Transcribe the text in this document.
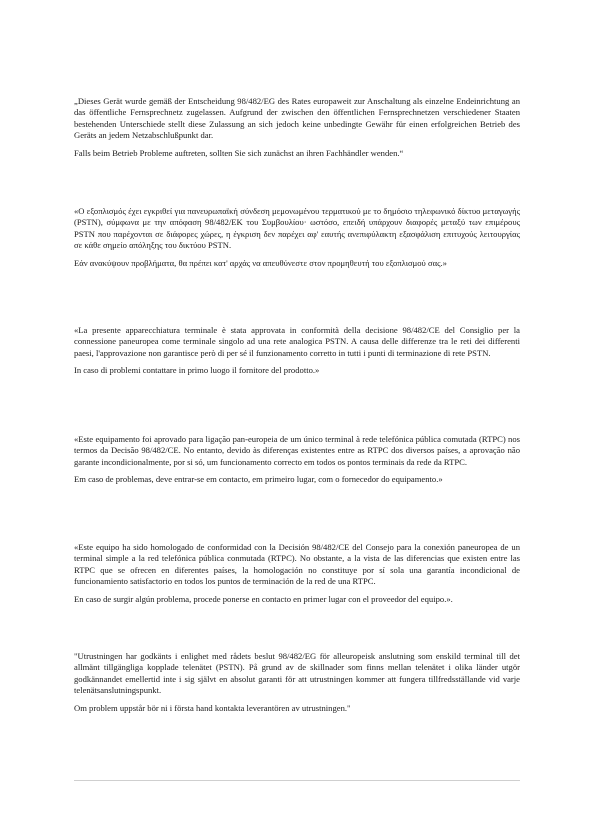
„Dieses Gerät wurde gemäß der Entscheidung 98/482/EG des Rates europaweit zur Anschaltung als einzelne Endeinrichtung an das öffentliche Fernsprechnetz zugelassen. Aufgrund der zwischen den öffentlichen Fernsprechnetzen verschiedener Staaten bestehenden Unterschiede stellt diese Zulassung an sich jedoch keine unbedingte Gewähr für einen erfolgreichen Betrieb des Geräts an jedem Netzabschlußpunkt dar.

Falls beim Betrieb Probleme auftreten, sollten Sie sich zunächst an ihren Fachhändler wenden.“

«Ο εξοπλισμός έχει εγκριθεί για πανευρωπαϊκή σύνδεση μεμονωμένου τερματικού με το δημόσιο τηλεφωνικό δίκτυο μεταγωγής (PSTN), σύμφωνα με την απόφαση 98/482/ΕΚ του Συμβουλίου· ωστόσο, επειδή υπάρχουν διαφορές μεταξύ των επιμέρους PSTN που παρέχονται σε διάφορες χώρες, η έγκριση δεν παρέχει αφ' εαυτής ανεπιφύλακτη εξασφάλιση επιτυχούς λειτουργίας σε κάθε σημείο απόληξης του δικτύου PSTN.

Εάν ανακύψουν προβλήματα, θα πρέπει κατ' αρχάς να απευθύνεστε στον προμηθευτή του εξοπλισμού σας.»

«La presente apparecchiatura terminale è stata approvata in conformità della decisione 98/482/CE del Consiglio per la connessione paneuropea come terminale singolo ad una rete analogica PSTN. A causa delle differenze tra le reti dei differenti paesi, l'approvazione non garantisce però di per sé il funzionamento corretto in tutti i punti di terminazione di rete PSTN.

In caso di problemi contattare in primo luogo il fornitore del prodotto.»

«Este equipamento foi aprovado para ligação pan-europeia de um único terminal à rede telefónica pública comutada (RTPC) nos termos da Decisão 98/482/CE. No entanto, devido às diferenças existentes entre as RTPC dos diversos países, a aprovação não garante incondicionalmente, por si só, um funcionamento correcto em todos os pontos terminais da rede da RTPC.

Em caso de problemas, deve entrar-se em contacto, em primeiro lugar, com o fornecedor do equipamento.»

«Este equipo ha sido homologado de conformidad con la Decisión 98/482/CE del Consejo para la conexión paneuropea de un terminal simple a la red telefónica pública conmutada (RTPC). No obstante, a la vista de las diferencias que existen entre las RTPC que se ofrecen en diferentes países, la homologación no constituye por sí sola una garantía incondicional de funcionamiento satisfactorio en todos los puntos de terminación de la red de una RTPC.

En caso de surgir algún problema, procede ponerse en contacto en primer lugar con el proveedor del equipo.».

"Utrustningen har godkänts i enlighet med rådets beslut 98/482/EG för alleuropeisk anslutning som enskild terminal till det allmänt tillgängliga kopplade telenätet (PSTN). På grund av de skillnader som finns mellan telenätet i olika länder utgör godkännandet emellertid inte i sig självt en absolut garanti för att utrustningen kommer att fungera tillfredsställande vid varje telenätsanslutningspunkt.

Om problem uppstår bör ni i första hand kontakta leverantören av utrustningen."
